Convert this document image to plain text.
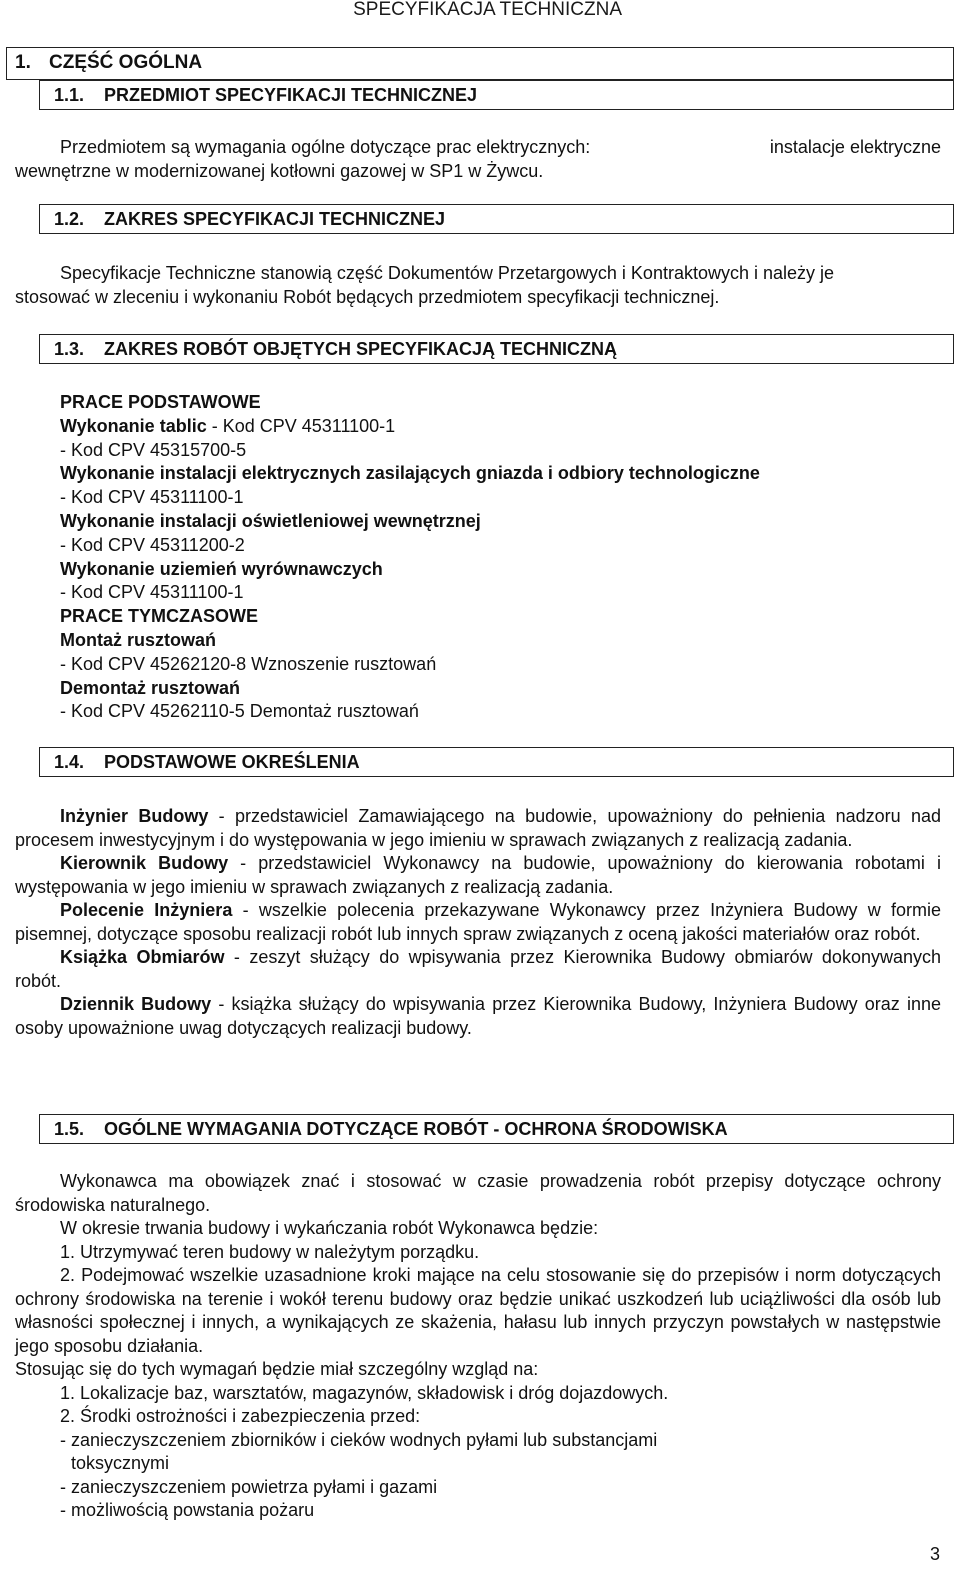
SPECYFIKACJA TECHNICZNA
1. CZĘŚĆ OGÓLNA
1.1. PRZEDMIOT SPECYFIKACJI TECHNICZNEJ

Przedmiotem są wymagania ogólne dotyczące prac elektrycznych:	instalacje elektryczne

wewnętrzne w modernizowanej kotłowni gazowej w SP1 w Żywcu.

1.2. ZAKRES SPECYFIKACJI TECHNICZNEJ

Specyfikacje Techniczne stanowią część Dokumentów Przetargowych i Kontraktowych i należy je

stosować w zleceniu i wykonaniu Robót będących przedmiotem specyfikacji technicznej.

1.3. ZAKRES ROBÓT OBJĘTYCH SPECYFIKACJĄ TECHNICZNĄ

PRACE PODSTAWOWE

Wykonanie tablic - Kod CPV 45311100-1

- Kod CPV 45315700-5

Wykonanie instalacji elektrycznych zasilających gniazda i odbiory technologiczne

- Kod CPV 45311100-1

Wykonanie instalacji oświetleniowej wewnętrznej

- Kod CPV 45311200-2

Wykonanie uziemień wyrównawczych

- Kod CPV 45311100-1

PRACE TYMCZASOWE

Montaż rusztowań

- Kod CPV 45262120-8 Wznoszenie rusztowań

Demontaż rusztowań

- Kod CPV 45262110-5 Demontaż rusztowań

1.4. PODSTAWOWE OKREŚLENIA

Inżynier Budowy - przedstawiciel Zamawiającego na budowie, upoważniony do pełnienia nadzoru nad procesem inwestycyjnym i do występowania w jego imieniu w sprawach związanych z realizacją zadania.

Kierownik Budowy - przedstawiciel Wykonawcy na budowie, upoważniony do kierowania robotami i występowania w jego imieniu w sprawach związanych z realizacją zadania.

Polecenie Inżyniera - wszelkie polecenia przekazywane Wykonawcy przez Inżyniera Budowy w formie pisemnej, dotyczące sposobu realizacji robót lub innych spraw związanych z oceną jakości materiałów oraz robót.

Książka Obmiarów - zeszyt służący do wpisywania przez Kierownika Budowy obmiarów dokonywanych robót.

Dziennik Budowy - książka służący do wpisywania przez Kierownika Budowy, Inżyniera Budowy oraz inne osoby upoważnione uwag dotyczących realizacji budowy.

1.5. OGÓLNE WYMAGANIA DOTYCZĄCE ROBÓT - OCHRONA ŚRODOWISKA

Wykonawca ma obowiązek znać i stosować w czasie prowadzenia robót przepisy dotyczące ochrony środowiska naturalnego.

W okresie trwania budowy i wykańczania robót Wykonawca będzie:

1. Utrzymywać teren budowy w należytym porządku.

2. Podejmować wszelkie uzasadnione kroki mające na celu stosowanie się do przepisów i norm dotyczących ochrony środowiska na terenie i wokół terenu budowy oraz będzie unikać uszkodzeń lub uciążliwości dla osób lub własności społecznej i innych, a wynikających ze skażenia, hałasu lub innych przyczyn powstałych w następstwie jego sposobu działania.

Stosując się do tych wymagań będzie miał szczególny wzgląd na:

1. Lokalizacje baz, warsztatów, magazynów, składowisk i dróg dojazdowych.

2. Środki ostrożności i zabezpieczenia przed:

- zanieczyszczeniem zbiorników i cieków wodnych pyłami lub substancjami

toksycznymi

- zanieczyszczeniem powietrza pyłami i gazami

- możliwością powstania pożaru

3
